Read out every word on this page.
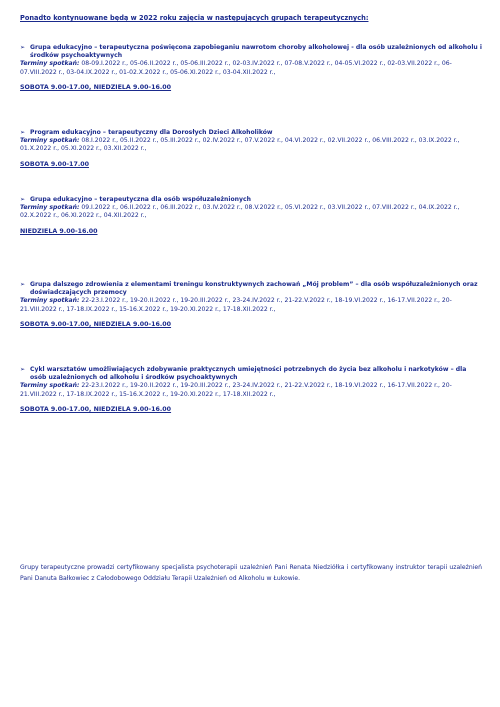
Ponadto kontynuowane będą w 2022 roku zajęcia w następujących grupach terapeutycznych:
➢ Grupa edukacyjno – terapeutyczna poświęcona zapobieganiu nawrotom choroby alkoholowej - dla osób uzależnionych od alkoholu i środków psychoaktywnych
Terminy spotkań: 08-09.I.2022 r., 05-06.II.2022 r., 05-06.III.2022 r., 02-03.IV.2022 r., 07-08.V.2022 r., 04-05.VI.2022 r., 02-03.VII.2022 r., 06-07.VIII.2022 r., 03-04.IX.2022 r., 01-02.X.2022 r., 05-06.XI.2022 r., 03-04.XII.2022 r.,
SOBOTA 9.00-17.00, NIEDZIELA 9.00-16.00
➢ Program edukacyjno – terapeutyczny dla Dorosłych Dzieci Alkoholików
Terminy spotkań: 08.I.2022 r., 05.II.2022 r., 05.III.2022 r., 02.IV.2022 r., 07.V.2022 r., 04.VI.2022 r., 02.VII.2022 r., 06.VIII.2022 r., 03.IX.2022 r., 01.X.2022 r., 05.XI.2022 r., 03.XII.2022 r.,
SOBOTA 9.00-17.00
➢ Grupa edukacyjno – terapeutyczna dla osób współuzależnionych
Terminy spotkań: 09.I.2022 r., 06.II.2022 r., 06.III.2022 r., 03.IV.2022 r., 08.V.2022 r., 05.VI.2022 r., 03.VII.2022 r., 07.VIII.2022 r., 04.IX.2022 r., 02.X.2022 r., 06.XI.2022 r., 04.XII.2022 r.,
NIEDZIELA 9.00-16.00
➢ Grupa dalszego zdrowienia z elementami treningu konstruktywnych zachowań „Mój problem” – dla osób współuzależnionych oraz doświadczających przemocy
Terminy spotkań: 22-23.I.2022 r., 19-20.II.2022 r., 19-20.III.2022 r., 23-24.IV.2022 r., 21-22.V.2022 r., 18-19.VI.2022 r., 16-17.VII.2022 r., 20-21.VIII.2022 r., 17-18.IX.2022 r., 15-16.X.2022 r., 19-20.XI.2022 r., 17-18.XII.2022 r.,
SOBOTA 9.00-17.00, NIEDZIELA 9.00-16.00
➢ Cykl warsztatów umożliwiających zdobywanie praktycznych umiejętności potrzebnych do życia bez alkoholu i narkotyków – dla osób uzależnionych od alkoholu i środków psychoaktywnych
Terminy spotkań: 22-23.I.2022 r., 19-20.II.2022 r., 19-20.III.2022 r., 23-24.IV.2022 r., 21-22.V.2022 r., 18-19.VI.2022 r., 16-17.VII.2022 r., 20-21.VIII.2022 r., 17-18.IX.2022 r., 15-16.X.2022 r., 19-20.XI.2022 r., 17-18.XII.2022 r.,
SOBOTA 9.00-17.00, NIEDZIELA 9.00-16.00
Grupy terapeutyczne prowadzi certyfikowany specjalista psychoterapii uzależnień Pani Renata Niedziółka i certyfikowany instruktor terapii uzależnień Pani Danuta Bałkowiec z Całodobowego Oddziału Terapii Uzależnień od Alkoholu w Łukowie.
